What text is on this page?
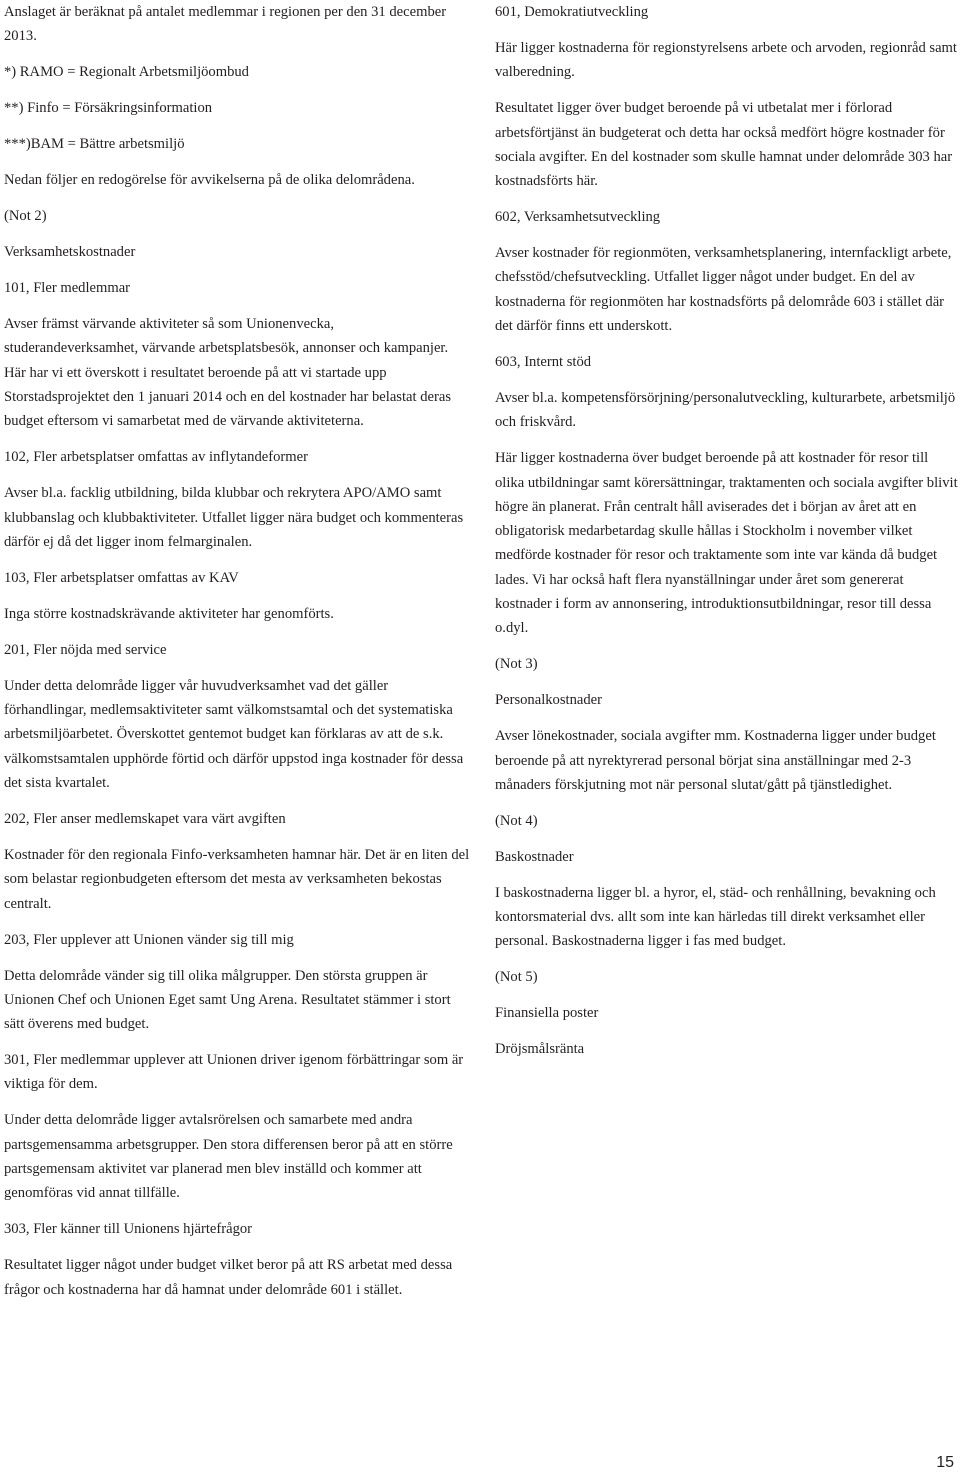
Anslaget är beräknat på antalet medlemmar i regionen per den 31 december 2013.

*) RAMO = Regionalt Arbetsmiljöombud

**) Finfo = Försäkringsinformation

***)BAM = Bättre arbetsmiljö

Nedan följer en redogörelse för avvikelserna på de olika delområdena.

(Not 2)

Verksamhetskostnader

101, Fler medlemmar

Avser främst värvande aktiviteter så som Unionenvecka, studerandeverksamhet, värvande arbetsplatsbesök, annonser och kampanjer. Här har vi ett överskott i resultatet beroende på att vi startade upp Storstadsprojektet den 1 januari 2014 och en del kostnader har belastat deras budget eftersom vi samarbetat med de värvande aktiviteterna.

102, Fler arbetsplatser omfattas av inflytandeformer

Avser bl.a. facklig utbildning, bilda klubbar och rekrytera APO/AMO samt klubbanslag och klubbaktiviteter. Utfallet ligger nära budget och kommenteras därför ej då det ligger inom felmarginalen.

103, Fler arbetsplatser omfattas av KAV

Inga större kostnadskrävande aktiviteter har genomförts.

201, Fler nöjda med service

Under detta delområde ligger vår huvudverksamhet vad det gäller förhandlingar, medlemsaktiviteter samt välkomstsamtal och det systematiska arbetsmiljöarbetet. Överskottet gentemot budget kan förklaras av att de s.k. välkomstsamtalen upphörde förtid och därför uppstod inga kostnader för dessa det sista kvartalet.

202, Fler anser medlemskapet vara värt avgiften

Kostnader för den regionala Finfo-verksamheten hamnar här. Det är en liten del som belastar regionbudgeten eftersom det mesta av verksamheten bekostas centralt.

203, Fler upplever att Unionen vänder sig till mig

Detta delområde vänder sig till olika målgrupper. Den största gruppen är Unionen Chef och Unionen Eget samt Ung Arena. Resultatet stämmer i stort sätt överens med budget.

301, Fler medlemmar upplever att Unionen driver igenom förbättringar som är viktiga för dem.

Under detta delområde ligger avtalsrörelsen och samarbete med andra partsgemensamma arbetsgrupper. Den stora differensen beror på att en större partsgemensam aktivitet var planerad men blev inställd och kommer att genomföras vid annat tillfälle.

303, Fler känner till Unionens hjärtefrågor

Resultatet ligger något under budget vilket beror på att RS arbetat med dessa frågor och kostnaderna har då hamnat under delområde 601 i stället.

601, Demokratiutveckling

Här ligger kostnaderna för regionstyrelsens arbete och arvoden, regionråd samt valberedning.

Resultatet ligger över budget beroende på vi utbetalat mer i förlorad arbetsförtjänst än budgeterat och detta har också medfört högre kostnader för sociala avgifter. En del kostnader som skulle hamnat under delområde 303 har kostnadsförts här.

602, Verksamhetsutveckling

Avser kostnader för regionmöten, verksamhetsplanering, internfackligt arbete, chefsstöd/chefsutveckling. Utfallet ligger något under budget. En del av kostnaderna för regionmöten har kostnadsförts på delområde 603 i stället där det därför finns ett underskott.

603, Internt stöd

Avser bl.a. kompetensförsörjning/personalutveckling, kulturarbete, arbetsmiljö och friskvård.

Här ligger kostnaderna över budget beroende på att kostnader för resor till olika utbildningar samt körersättningar, traktamenten och sociala avgifter blivit högre än planerat. Från centralt håll aviserades det i början av året att en obligatorisk medarbetardag skulle hållas i Stockholm i november vilket medförde kostnader för resor och traktamente som inte var kända då budget lades. Vi har också haft flera nyanställningar under året som genererat kostnader i form av annonsering, introduktionsutbildningar, resor till dessa o.dyl.

(Not 3)

Personalkostnader

Avser lönekostnader, sociala avgifter mm. Kostnaderna ligger under budget beroende på att nyrektyrerad personal börjat sina anställningar med 2-3 månaders förskjutning mot när personal slutat/gått på tjänstledighet.

(Not 4)

Baskostnader

I baskostnaderna ligger bl. a hyror, el, städ- och renhållning, bevakning och kontorsmaterial dvs. allt som inte kan härledas till direkt verksamhet eller personal. Baskostnaderna ligger i fas med budget.

(Not 5)

Finansiella poster

Dröjsmålsränta

15
